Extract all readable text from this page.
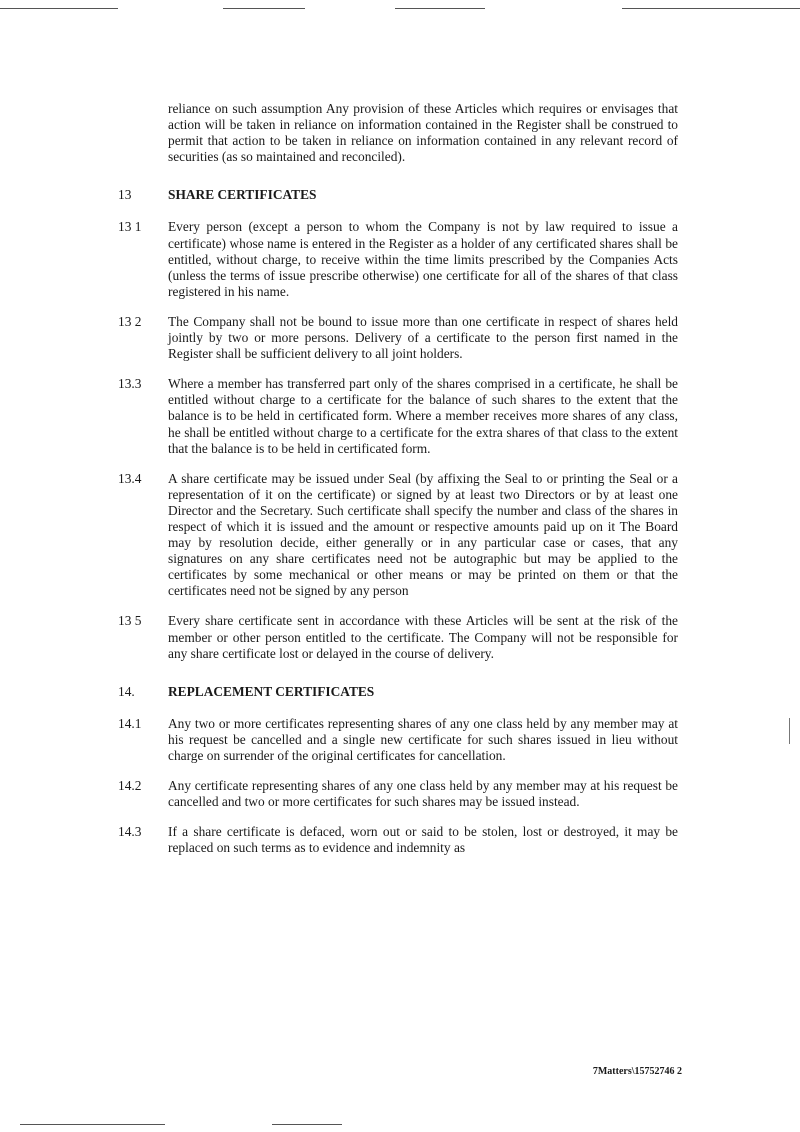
reliance on such assumption Any provision of these Articles which requires or envisages that action will be taken in reliance on information contained in the Register shall be construed to permit that action to be taken in reliance on information contained in any relevant record of securities (as so maintained and reconciled).
13	SHARE CERTIFICATES
13 1	Every person (except a person to whom the Company is not by law required to issue a certificate) whose name is entered in the Register as a holder of any certificated shares shall be entitled, without charge, to receive within the time limits prescribed by the Companies Acts (unless the terms of issue prescribe otherwise) one certificate for all of the shares of that class registered in his name.
13 2	The Company shall not be bound to issue more than one certificate in respect of shares held jointly by two or more persons. Delivery of a certificate to the person first named in the Register shall be sufficient delivery to all joint holders.
13.3	Where a member has transferred part only of the shares comprised in a certificate, he shall be entitled without charge to a certificate for the balance of such shares to the extent that the balance is to be held in certificated form. Where a member receives more shares of any class, he shall be entitled without charge to a certificate for the extra shares of that class to the extent that the balance is to be held in certificated form.
13.4	A share certificate may be issued under Seal (by affixing the Seal to or printing the Seal or a representation of it on the certificate) or signed by at least two Directors or by at least one Director and the Secretary. Such certificate shall specify the number and class of the shares in respect of which it is issued and the amount or respective amounts paid up on it The Board may by resolution decide, either generally or in any particular case or cases, that any signatures on any share certificates need not be autographic but may be applied to the certificates by some mechanical or other means or may be printed on them or that the certificates need not be signed by any person
13 5	Every share certificate sent in accordance with these Articles will be sent at the risk of the member or other person entitled to the certificate. The Company will not be responsible for any share certificate lost or delayed in the course of delivery.
14.	REPLACEMENT CERTIFICATES
14.1	Any two or more certificates representing shares of any one class held by any member may at his request be cancelled and a single new certificate for such shares issued in lieu without charge on surrender of the original certificates for cancellation.
14.2	Any certificate representing shares of any one class held by any member may at his request be cancelled and two or more certificates for such shares may be issued instead.
14.3	If a share certificate is defaced, worn out or said to be stolen, lost or destroyed, it may be replaced on such terms as to evidence and indemnity as
7Matters\15752746 2
